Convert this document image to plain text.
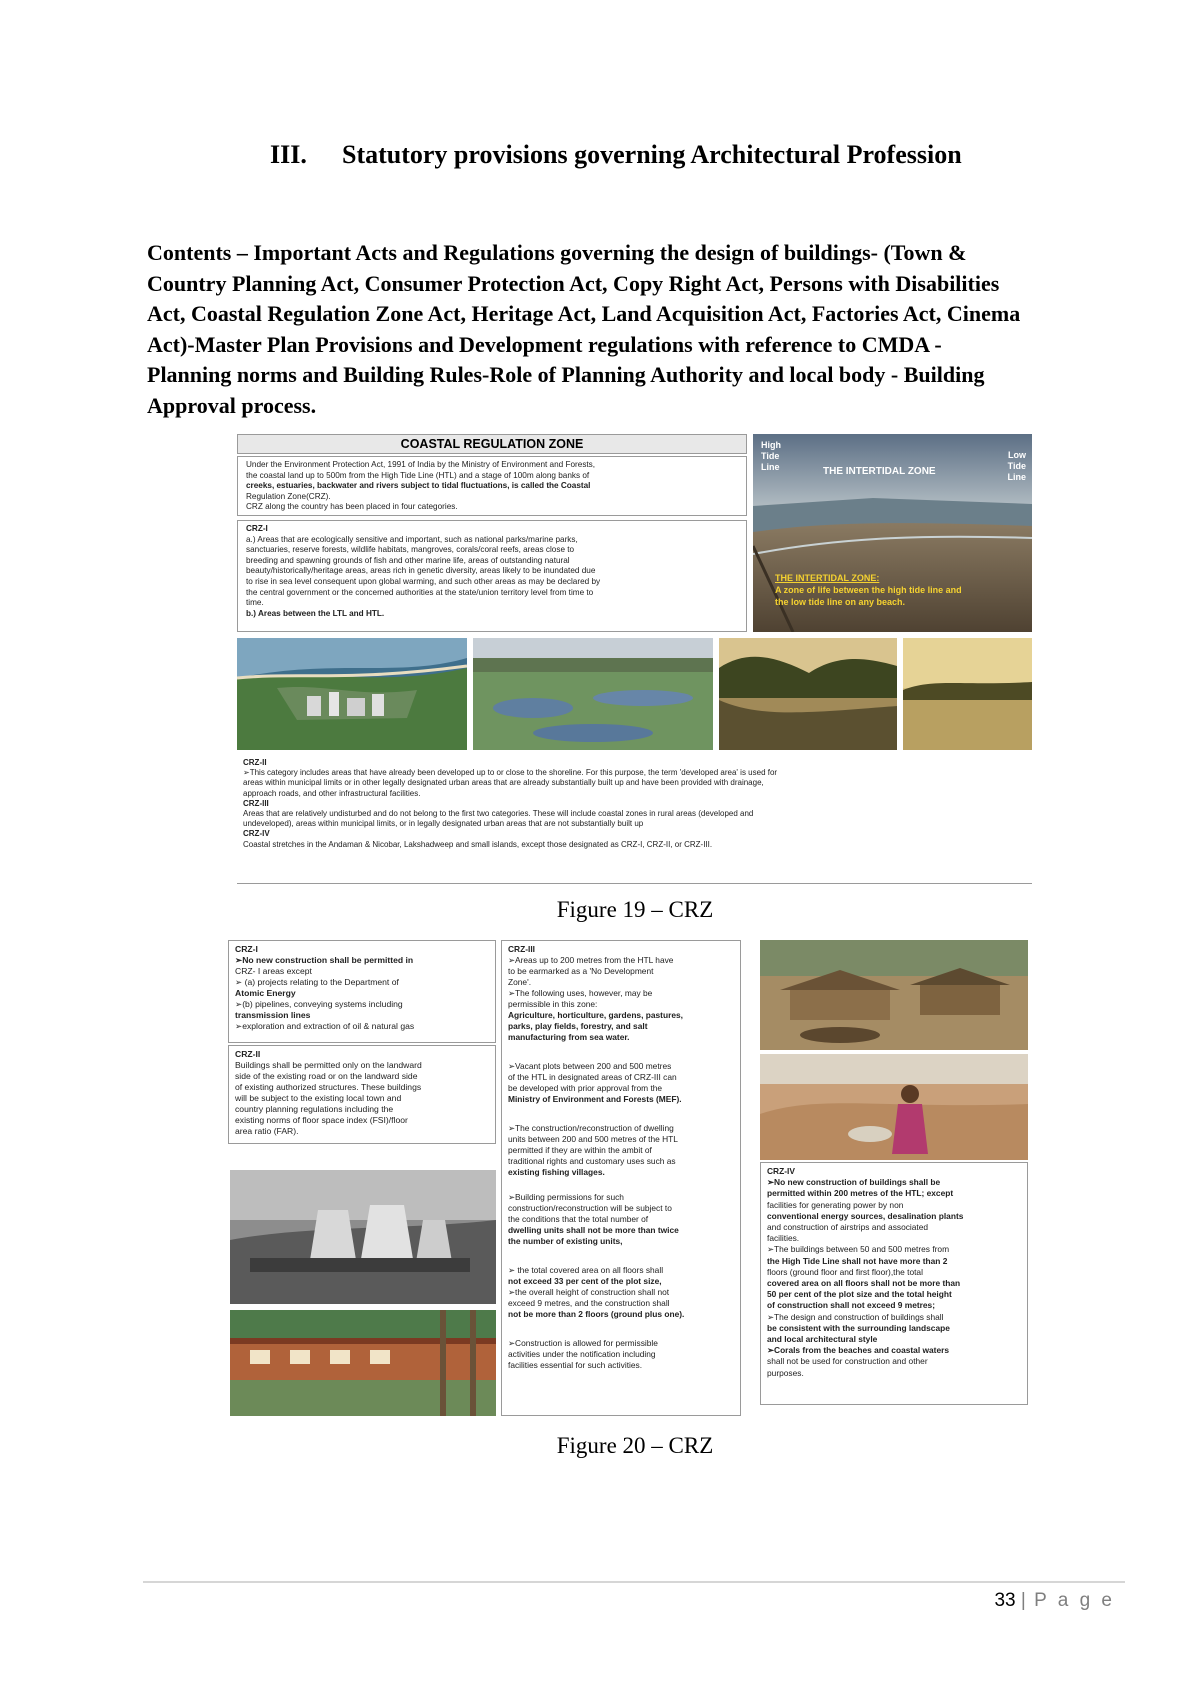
III. Statutory provisions governing Architectural Profession
Contents – Important Acts and Regulations governing the design of buildings- (Town &
Country Planning Act, Consumer Protection Act, Copy Right Act, Persons with Disabilities
Act, Coastal Regulation Zone Act, Heritage Act, Land Acquisition Act, Factories Act, Cinema
Act)-Master Plan Provisions and Development regulations with reference to CMDA -
Planning norms and Building Rules-Role of Planning Authority and local body - Building
Approval process.
COASTAL REGULATION ZONE
Under the Environment Protection Act, 1991 of India by the Ministry of Environment and Forests,
the coastal land up to 500m from the High Tide Line (HTL) and a stage of 100m along banks of
creeks, estuaries, backwater and rivers subject to tidal fluctuations, is called the Coastal
Regulation Zone(CRZ).
CRZ along the country has been placed in four categories.
CRZ-I
a.) Areas that are ecologically sensitive and important, such as national parks/marine parks,
sanctuaries, reserve forests, wildlife habitats, mangroves, corals/coral reefs, areas close to
breeding and spawning grounds of fish and other marine life, areas of outstanding natural
beauty/historically/heritage areas, areas rich in genetic diversity, areas likely to be inundated due
to rise in sea level consequent upon global warming, and such other areas as may be declared by
the central government or the concerned authorities at the state/union territory level from time to
time.
b.) Areas between the LTL and HTL.
High
Tide
Line
Low
Tide
Line
THE INTERTIDAL ZONE
THE INTERTIDAL ZONE:
A zone of life between the high tide line and
the low tide line on any beach.
CRZ-II
➢This category includes areas that have already been developed up to or close to the shoreline. For this purpose, the term 'developed area' is used for
areas within municipal limits or in other legally designated urban areas that are already substantially built up and have been provided with drainage,
approach roads, and other infrastructural facilities.
CRZ-III
Areas that are relatively undisturbed and do not belong to the first two categories. These will include coastal zones in rural areas (developed and
undeveloped), areas within municipal limits, or in legally designated urban areas that are not substantially built up
CRZ-IV
Coastal stretches in the Andaman & Nicobar, Lakshadweep and small islands, except those designated as CRZ-I, CRZ-II, or CRZ-III.
Figure 19 – CRZ
CRZ-I
➢No new construction shall be permitted in
CRZ- I areas except
➢ (a) projects relating to the Department of
Atomic Energy
➢(b) pipelines, conveying systems including
transmission lines
➢exploration and extraction of oil & natural gas
CRZ-II
Buildings shall be permitted only on the landward
side of the existing road or on the landward side
of existing authorized structures. These buildings
will be subject to the existing local town and
country planning regulations including the
existing norms of floor space index (FSI)/floor
area ratio (FAR).
CRZ-III
➢Areas up to 200 metres from the HTL have
to be earmarked as a 'No Development
Zone'.
➢The following uses, however, may be
permissible in this zone:
Agriculture, horticulture, gardens, pastures,
parks, play fields, forestry, and salt
manufacturing from sea water.
➢Vacant plots between 200 and 500 metres
of the HTL in designated areas of CRZ-III can
be developed with prior approval from the
Ministry of Environment and Forests (MEF).
➢The construction/reconstruction of dwelling
units between 200 and 500 metres of the HTL
permitted if they are within the ambit of
traditional rights and customary uses such as
existing fishing villages.
➢Building permissions for such
construction/reconstruction will be subject to
the conditions that the total number of
dwelling units shall not be more than twice
the number of existing units,
➢ the total covered area on all floors shall
not exceed 33 per cent of the plot size,
➢the overall height of construction shall not
exceed 9 metres, and the construction shall
not be more than 2 floors (ground plus one).
➢Construction is allowed for permissible
activities under the notification including
facilities essential for such activities.
CRZ-IV
➢No new construction of buildings shall be
permitted within 200 metres of the HTL; except
facilities for generating power by non
conventional energy sources, desalination plants
and construction of airstrips and associated
facilities.
➢The buildings between 50 and 500 metres from
the High Tide Line shall not have more than 2
floors (ground floor and first floor),the total
covered area on all floors shall not be more than
50 per cent of the plot size and the total height
of construction shall not exceed 9 metres;
➢The design and construction of buildings shall
be consistent with the surrounding landscape
and local architectural style
➢Corals from the beaches and coastal waters
shall not be used for construction and other
purposes.
Figure 20 – CRZ
33 | P a g e
